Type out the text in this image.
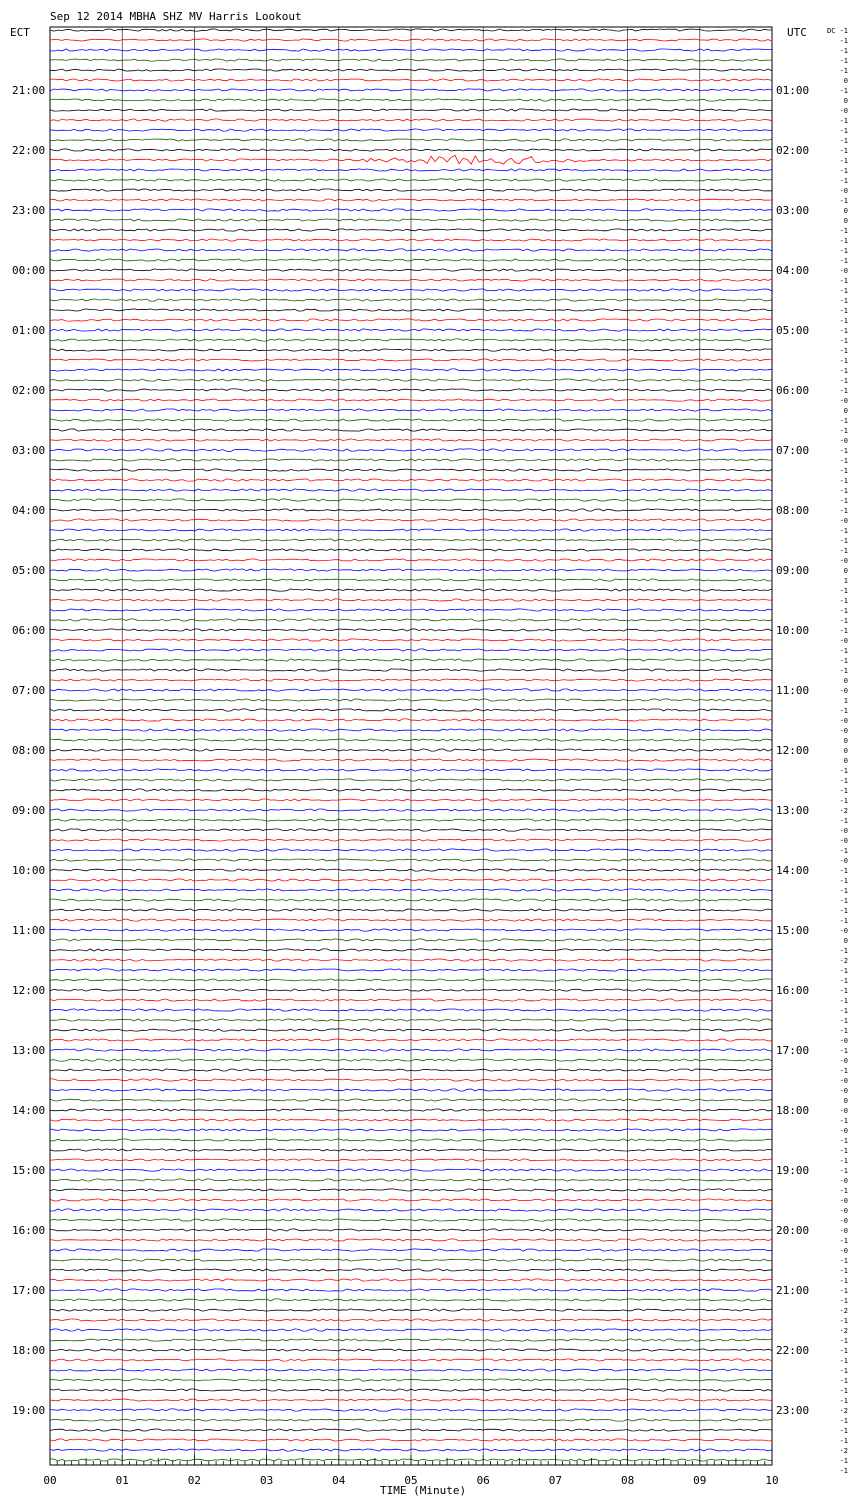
Sep 12 2014 MBHA SHZ MV Harris Lookout
ECT	UTC	DC
21:00
22:00
23:00
00:00
01:00
02:00
03:00
04:00
05:00
06:00
07:00
08:00
09:00
10:00
11:00
12:00
13:00
14:00
15:00
16:00
17:00
18:00
19:00
01:00
02:00
03:00
04:00
05:00
06:00
07:00
08:00
09:00
10:00
11:00
12:00
13:00
14:00
15:00
16:00
17:00
18:00
19:00
20:00
21:00
22:00
23:00
-1
-1
-1
-1
-1
0
-1
0
-0
-1
-1
-1
-1
-1
-1
-1
-0
-1
0
0
-1
-1
-1
-1
-0
-1
-1
-1
-1
-1
-1
-1
-1
-1
-1
-1
-1
-0
0
-1
-1
-0
-1
-1
-1
-1
-1
-1
-1
-0
-1
-1
-1
-0
0
1
-1
-1
-1
-1
-1
-0
-1
-1
-1
0
-0
1
-1
-0
-0
0
0
0
-1
-1
-1
-1
-2
-1
-0
-0
-1
-0
-1
-1
-1
-1
-1
-1
-0
0
-1
-2
-1
-1
-1
-1
-1
-1
-1
-0
-1
-0
-1
-0
-0
0
-0
-1
-0
-1
-1
-1
-1
-0
-1
-0
-0
-0
-0
-1
-0
-1
-1
-1
-1
-1
-2
-1
-2
-1
-1
-1
-1
-1
-1
-1
-2
-1
-1
-1
-2
-1
-1
00	01	02	03	04	05	06	07	08	09	10
TIME (Minute)
